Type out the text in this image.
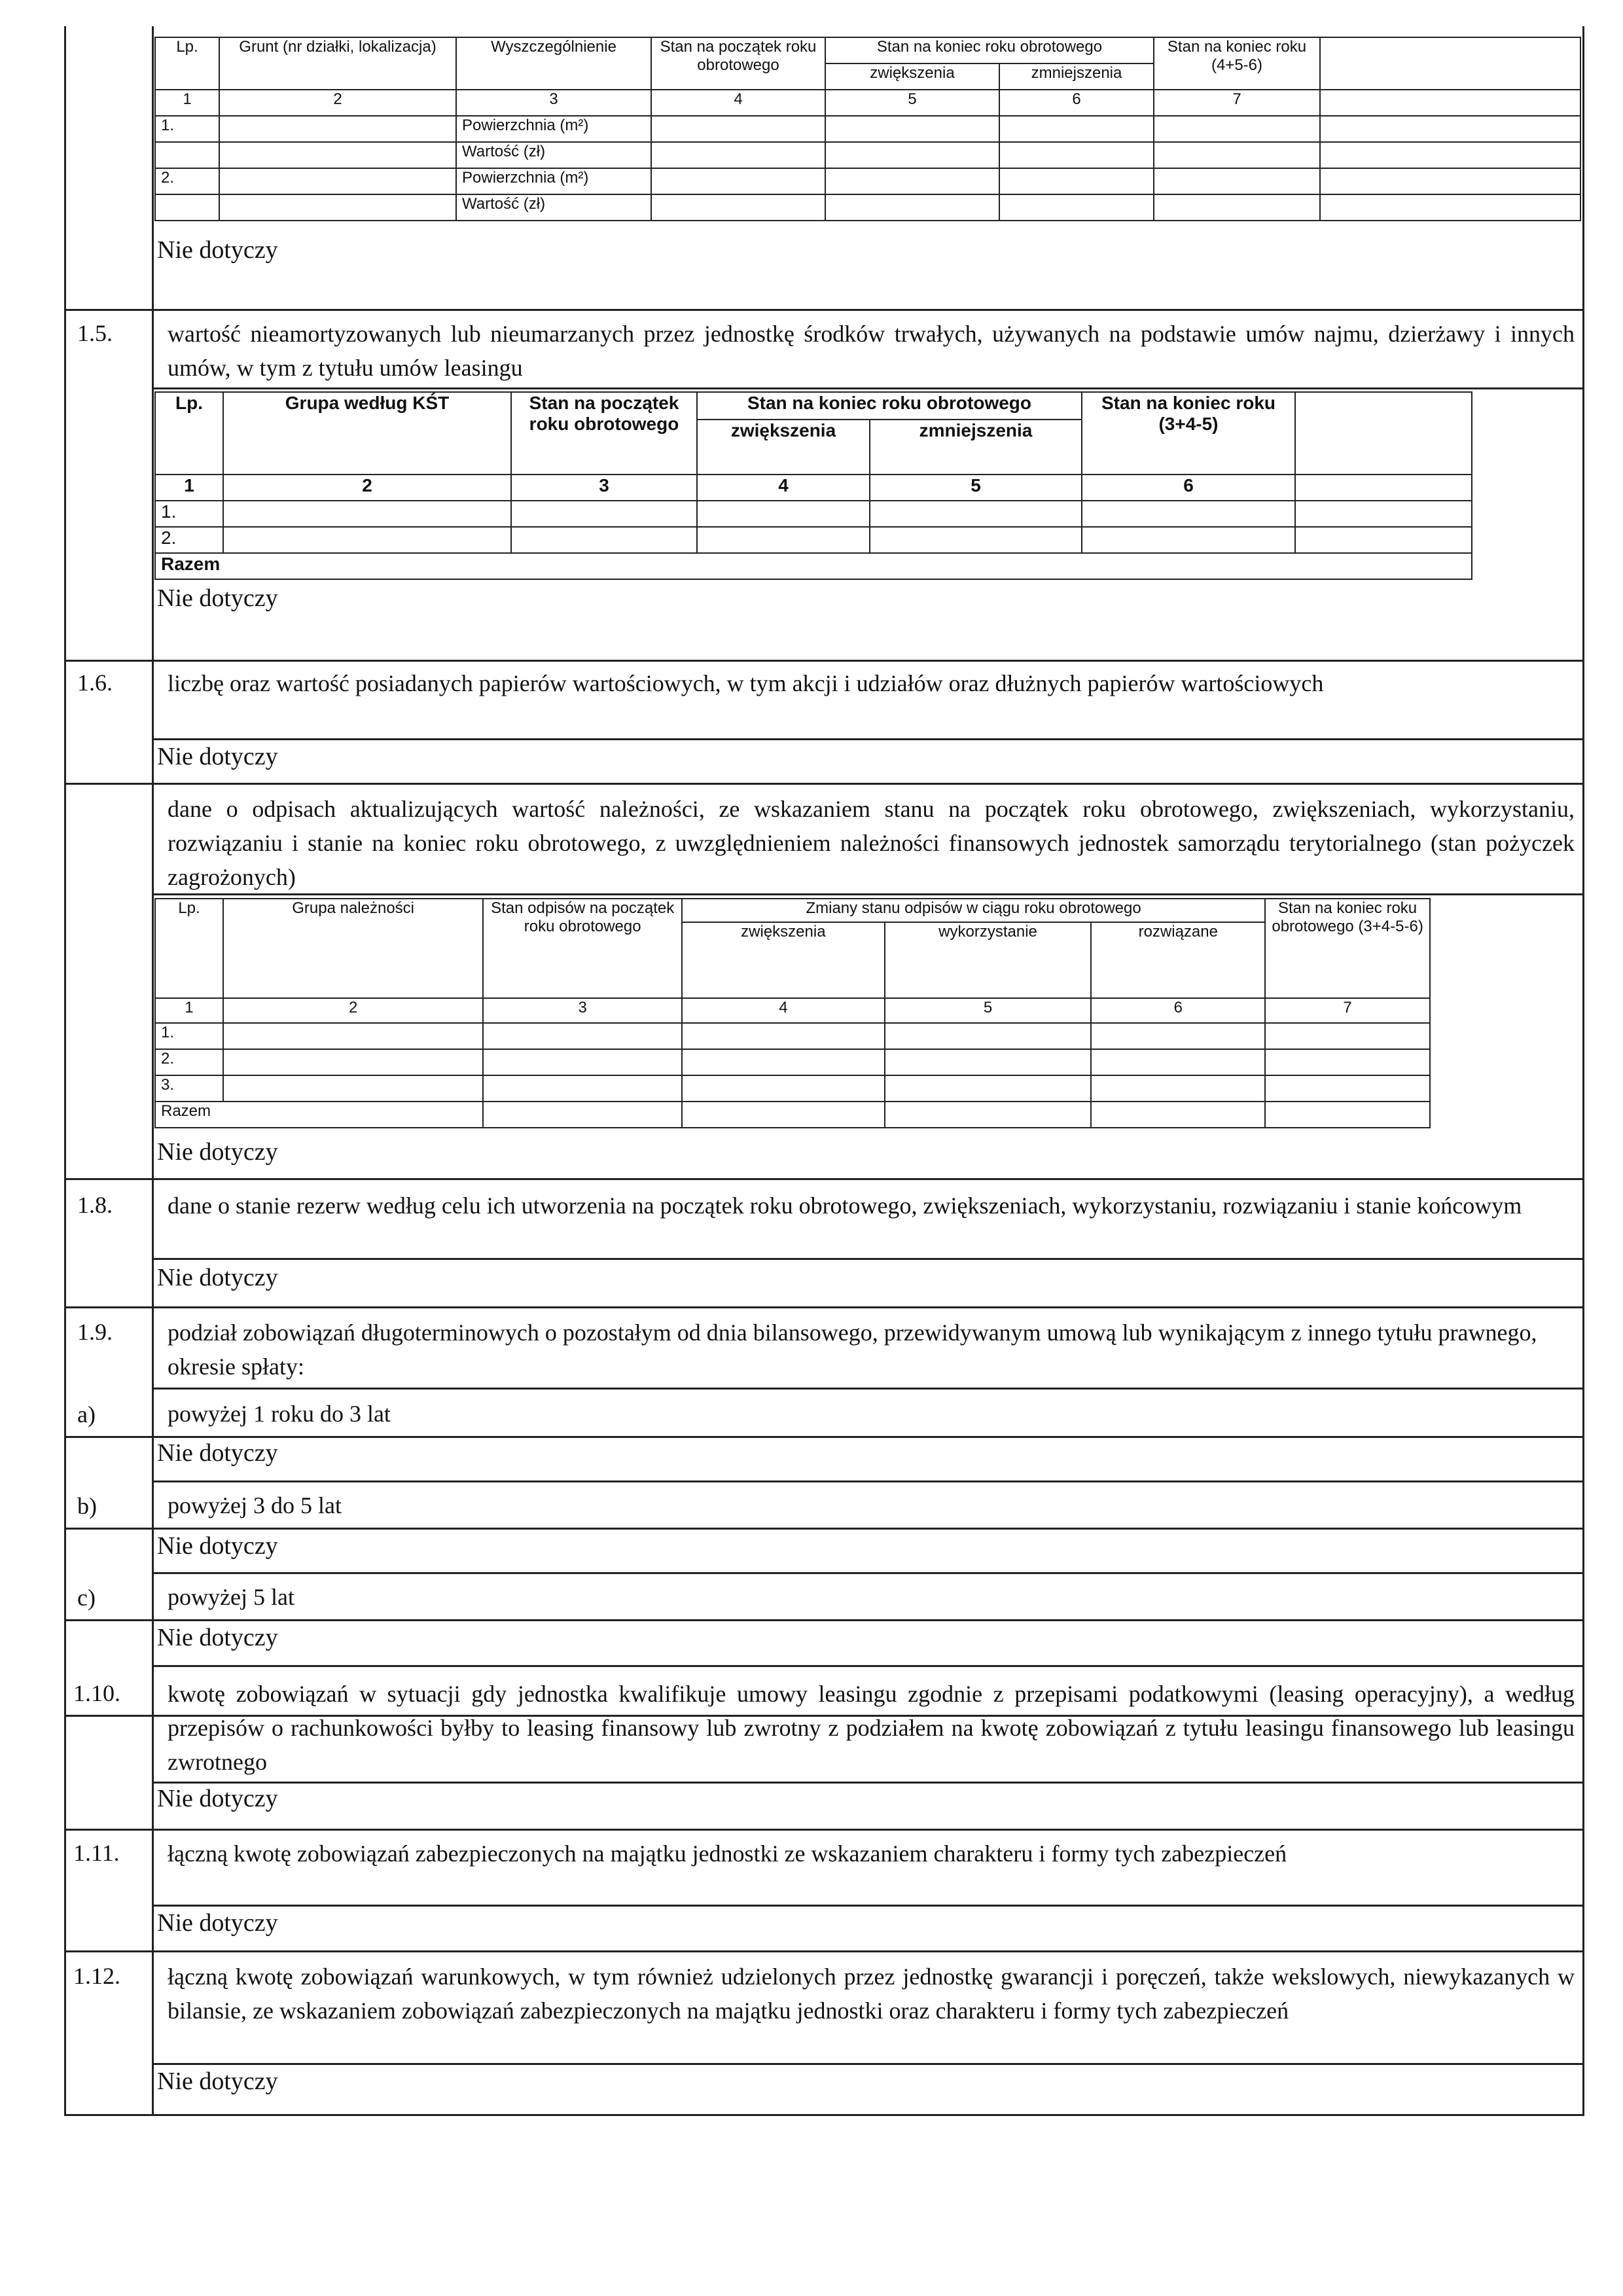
Lp.	Grunt (nr działki, lokalizacja)	Wyszczególnienie	Stan na początek roku obrotowego	Stan na koniec roku obrotowego		Stan na koniec roku (4+5-6)	
				zwiększenia	zmniejszenia		
1	2	3	4	5	6	7	
1.		Powierzchnia (m²)					
		Wartość (zł)					
2.		Powierzchnia (m²)					
		Wartość (zł)					
Nie dotyczy
1.5. wartość nieamortyzowanych lub nieumarzanych przez jednostkę środków trwałych, używanych na podstawie umów najmu, dzierżawy i innych umów, w tym z tytułu umów leasingu
Lp.	Grupa według KŚT	Stan na początek roku obrotowego	Stan na koniec roku obrotowego		Stan na koniec roku (3+4-5)	
			zwiększenia	zmniejszenia		
1	2	3	4	5	6	
1.						
2.						
Razem						
Nie dotyczy
1.6. liczbę oraz wartość posiadanych papierów wartościowych, w tym akcji i udziałów oraz dłużnych papierów wartościowych
Nie dotyczy
dane o odpisach aktualizujących wartość należności, ze wskazaniem stanu na początek roku obrotowego, zwiększeniach, wykorzystaniu, rozwiązaniu i stanie na koniec roku obrotowego, z uwzględnieniem należności finansowych jednostek samorządu terytorialnego (stan pożyczek zagrożonych)
Lp.	Grupa należności	Stan odpisów na początek roku obrotowego	Zmiany stanu odpisów w ciągu roku obrotowego			Stan na koniec roku obrotowego (3+4-5-6)
			zwiększenia	wykorzystanie	rozwiązane	
1	2	3	4	5	6	7
1.						
2.						
3.						
Razem						
Nie dotyczy
1.8. dane o stanie rezerw według celu ich utworzenia na początek roku obrotowego, zwiększeniach, wykorzystaniu, rozwiązaniu i stanie końcowym
Nie dotyczy
1.9. podział zobowiązań długoterminowych o pozostałym od dnia bilansowego, przewidywanym umową lub wynikającym z innego tytułu prawnego, okresie spłaty:
a)	powyżej 1 roku do 3 lat
Nie dotyczy
b)	powyżej 3 do 5 lat
Nie dotyczy
c)	powyżej 5 lat
Nie dotyczy
1.10. kwotę zobowiązań w sytuacji gdy jednostka kwalifikuje umowy leasingu zgodnie z przepisami podatkowymi (leasing operacyjny), a według przepisów o rachunkowości byłby to leasing finansowy lub zwrotny z podziałem na kwotę zobowiązań z tytułu leasingu finansowego lub leasingu zwrotnego
Nie dotyczy
1.11. łączną kwotę zobowiązań zabezpieczonych na majątku jednostki ze wskazaniem charakteru i formy tych zabezpieczeń
Nie dotyczy
1.12. łączną kwotę zobowiązań warunkowych, w tym również udzielonych przez jednostkę gwarancji i poręczeń, także wekslowych, niewykazanych w bilansie, ze wskazaniem zobowiązań zabezpieczonych na majątku jednostki oraz charakteru i formy tych zabezpieczeń
Nie dotyczy
